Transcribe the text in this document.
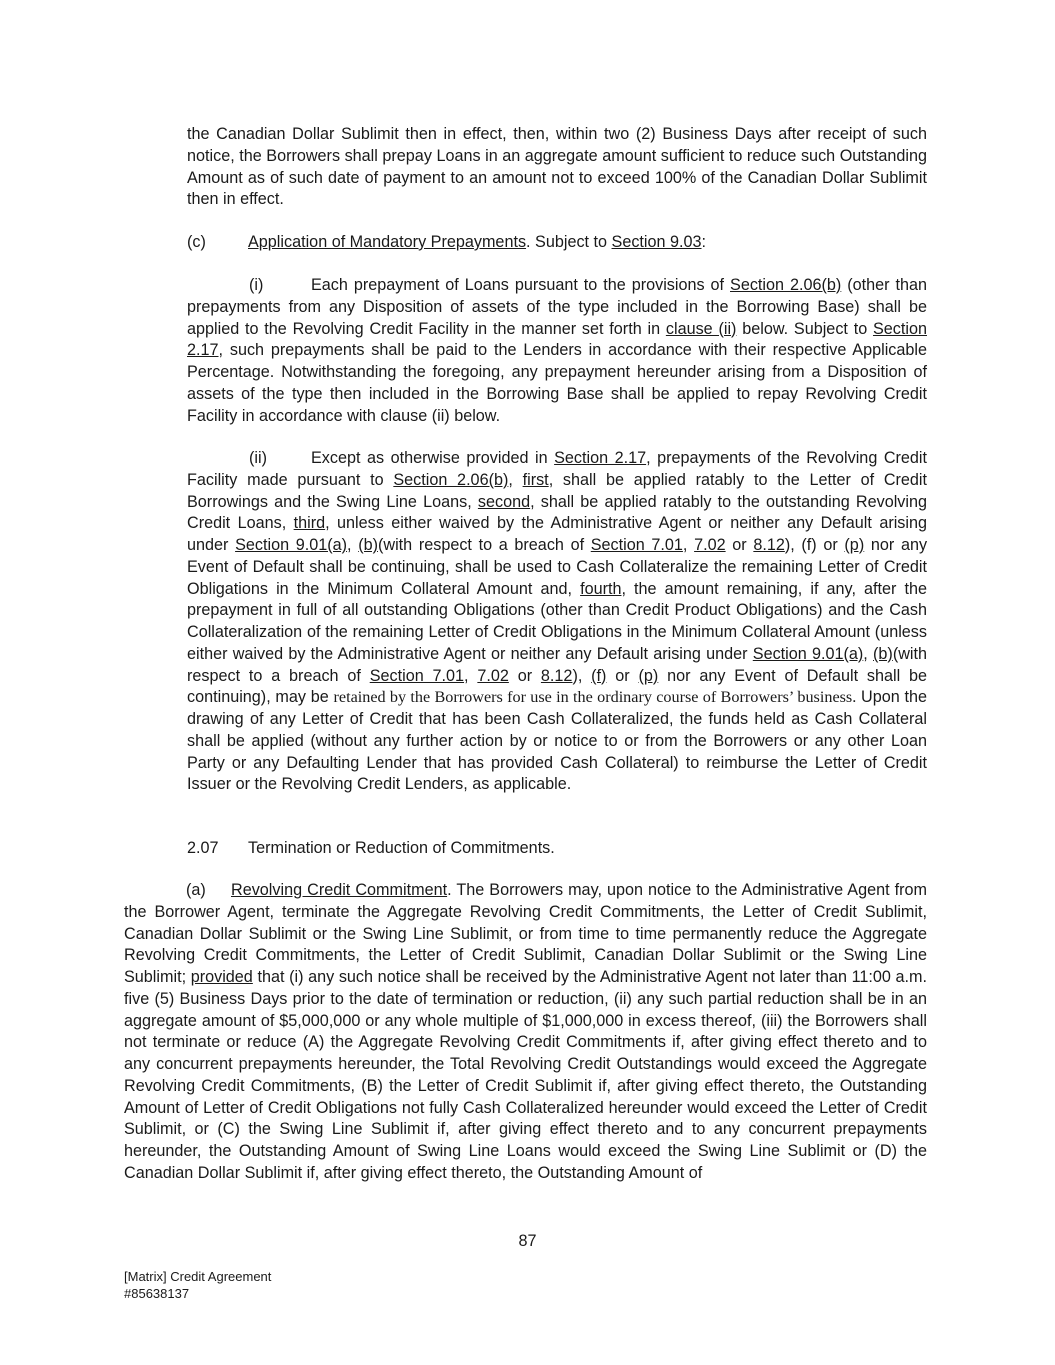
the Canadian Dollar Sublimit then in effect, then, within two (2) Business Days after receipt of such notice, the Borrowers shall prepay Loans in an aggregate amount sufficient to reduce such Outstanding Amount as of such date of payment to an amount not to exceed 100% of the Canadian Dollar Sublimit then in effect.

(c)	Application of Mandatory Prepayments. Subject to Section 9.03:

(i)	Each prepayment of Loans pursuant to the provisions of Section 2.06(b) (other than prepayments from any Disposition of assets of the type included in the Borrowing Base) shall be applied to the Revolving Credit Facility in the manner set forth in clause (ii) below. Subject to Section 2.17, such prepayments shall be paid to the Lenders in accordance with their respective Applicable Percentage. Notwithstanding the foregoing, any prepayment hereunder arising from a Disposition of assets of the type then included in the Borrowing Base shall be applied to repay Revolving Credit Facility in accordance with clause (ii) below.

(ii)	Except as otherwise provided in Section 2.17, prepayments of the Revolving Credit Facility made pursuant to Section 2.06(b), first, shall be applied ratably to the Letter of Credit Borrowings and the Swing Line Loans, second, shall be applied ratably to the outstanding Revolving Credit Loans, third, unless either waived by the Administrative Agent or neither any Default arising under Section 9.01(a), (b)(with respect to a breach of Section 7.01, 7.02 or 8.12), (f) or (p) nor any Event of Default shall be continuing, shall be used to Cash Collateralize the remaining Letter of Credit Obligations in the Minimum Collateral Amount and, fourth, the amount remaining, if any, after the prepayment in full of all outstanding Obligations (other than Credit Product Obligations) and the Cash Collateralization of the remaining Letter of Credit Obligations in the Minimum Collateral Amount (unless either waived by the Administrative Agent or neither any Default arising under Section 9.01(a), (b)(with respect to a breach of Section 7.01, 7.02 or 8.12), (f) or (p) nor any Event of Default shall be continuing), may be retained by the Borrowers for use in the ordinary course of Borrowers’ business. Upon the drawing of any Letter of Credit that has been Cash Collateralized, the funds held as Cash Collateral shall be applied (without any further action by or notice to or from the Borrowers or any other Loan Party or any Defaulting Lender that has provided Cash Collateral) to reimburse the Letter of Credit Issuer or the Revolving Credit Lenders, as applicable.

2.07 Termination or Reduction of Commitments.

(a) Revolving Credit Commitment. The Borrowers may, upon notice to the Administrative Agent from the Borrower Agent, terminate the Aggregate Revolving Credit Commitments, the Letter of Credit Sublimit, Canadian Dollar Sublimit or the Swing Line Sublimit, or from time to time permanently reduce the Aggregate Revolving Credit Commitments, the Letter of Credit Sublimit, Canadian Dollar Sublimit or the Swing Line Sublimit; provided that (i) any such notice shall be received by the Administrative Agent not later than 11:00 a.m. five (5) Business Days prior to the date of termination or reduction, (ii) any such partial reduction shall be in an aggregate amount of $5,000,000 or any whole multiple of $1,000,000 in excess thereof, (iii) the Borrowers shall not terminate or reduce (A) the Aggregate Revolving Credit Commitments if, after giving effect thereto and to any concurrent prepayments hereunder, the Total Revolving Credit Outstandings would exceed the Aggregate Revolving Credit Commitments, (B) the Letter of Credit Sublimit if, after giving effect thereto, the Outstanding Amount of Letter of Credit Obligations not fully Cash Collateralized hereunder would exceed the Letter of Credit Sublimit, or (C) the Swing Line Sublimit if, after giving effect thereto and to any concurrent prepayments hereunder, the Outstanding Amount of Swing Line Loans would exceed the Swing Line Sublimit or (D) the Canadian Dollar Sublimit if, after giving effect thereto, the Outstanding Amount of

87
[Matrix] Credit Agreement
#85638137
